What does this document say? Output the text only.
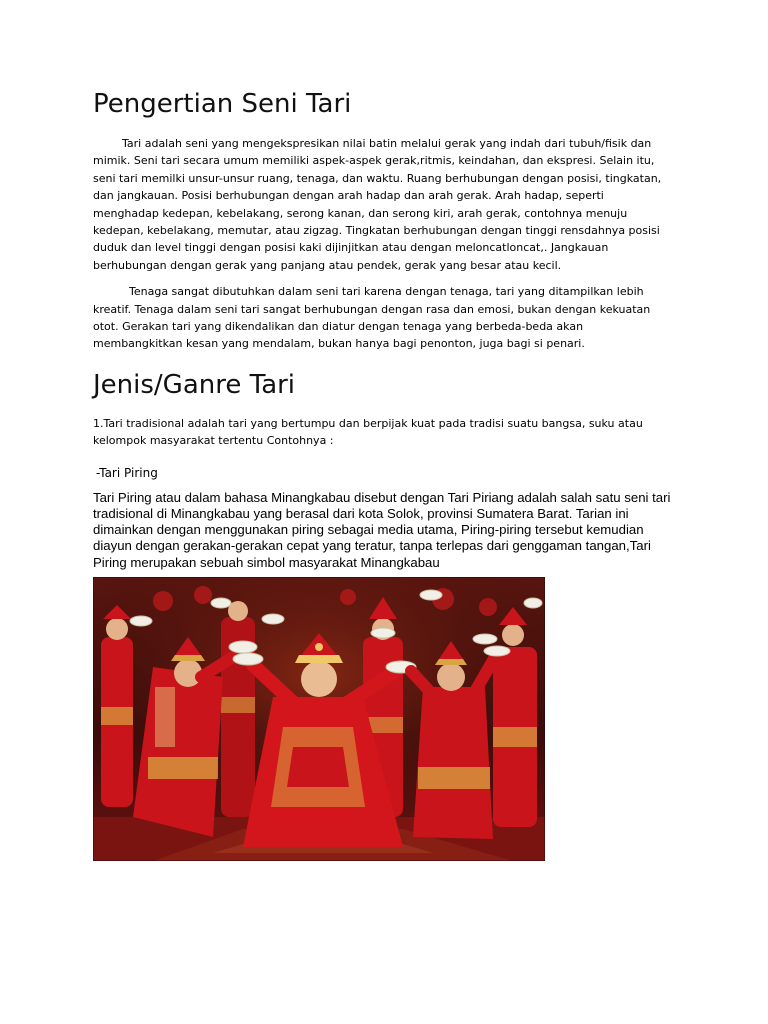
Pengertian Seni Tari

Tari adalah seni yang mengekspresikan nilai batin melalui gerak yang indah dari tubuh/fisik dan mimik. Seni tari secara umum memiliki aspek-aspek gerak,ritmis, keindahan, dan ekspresi. Selain itu, seni tari memilki unsur-unsur ruang, tenaga, dan waktu. Ruang berhubungan dengan posisi, tingkatan, dan jangkauan. Posisi berhubungan dengan arah hadap dan arah gerak. Arah hadap, seperti menghadap kedepan, kebelakang, serong kanan, dan serong kiri, arah gerak, contohnya menuju kedepan, kebelakang, memutar, atau zigzag. Tingkatan berhubungan dengan tinggi rensdahnya posisi duduk dan level tinggi dengan posisi kaki dijinjitkan atau dengan meloncatloncat,. Jangkauan berhubungan dengan gerak yang panjang atau pendek, gerak yang besar atau kecil.

Tenaga sangat dibutuhkan dalam seni tari karena dengan tenaga, tari yang ditampilkan lebih kreatif. Tenaga dalam seni tari sangat berhubungan dengan rasa dan emosi, bukan dengan kekuatan otot. Gerakan tari yang dikendalikan dan diatur dengan tenaga yang berbeda-beda akan membangkitkan kesan yang mendalam, bukan hanya bagi penonton, juga bagi si penari.

Jenis/Ganre Tari

1.Tari tradisional adalah tari yang bertumpu dan berpijak kuat pada tradisi suatu bangsa, suku atau kelompok masyarakat tertentu Contohnya :

-Tari Piring

Tari Piring atau dalam bahasa Minangkabau disebut dengan Tari Piriang adalah salah satu seni tari tradisional di Minangkabau yang berasal dari kota Solok, provinsi Sumatera Barat. Tarian ini dimainkan dengan menggunakan piring sebagai media utama, Piring-piring tersebut kemudian diayun dengan gerakan-gerakan cepat yang teratur, tanpa terlepas dari genggaman tangan,Tari Piring merupakan sebuah simbol masyarakat Minangkabau
